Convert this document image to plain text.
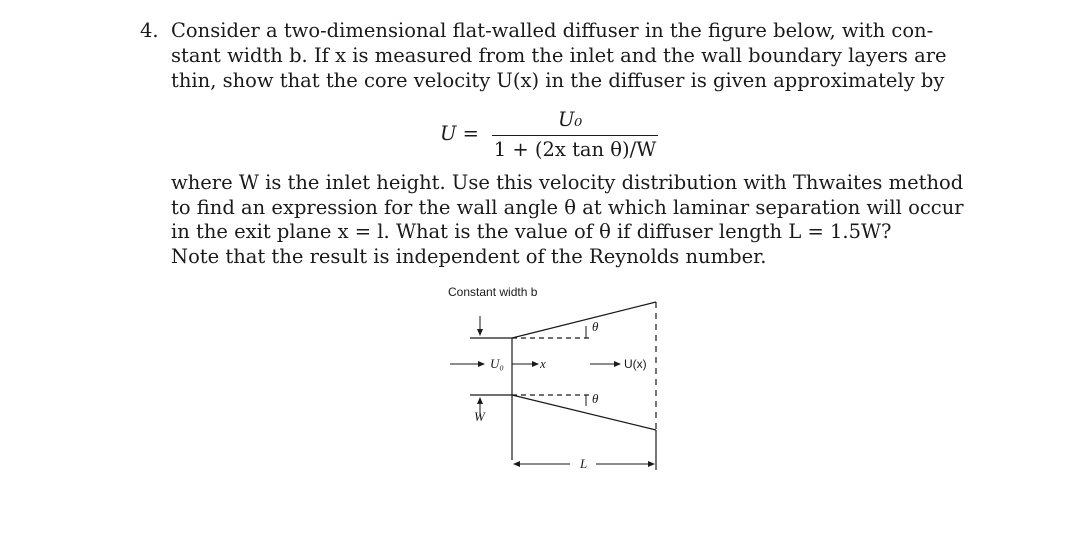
4. Consider a two-dimensional flat-walled diffuser in the figure below, with con-
stant width b. If x is measured from the inlet and the wall boundary layers are
thin, show that the core velocity U(x) in the diffuser is given approximately by
U =
U₀
1 + (2x tan θ)/W
where W is the inlet height. Use this velocity distribution with Thwaites method
to find an expression for the wall angle θ at which laminar separation will occur
in the exit plane x = l. What is the value of θ if diffuser length L = 1.5W?
Note that the result is independent of the Reynolds number.
Constant width b
θ
θ
W
U₀	x	U(x)
L
